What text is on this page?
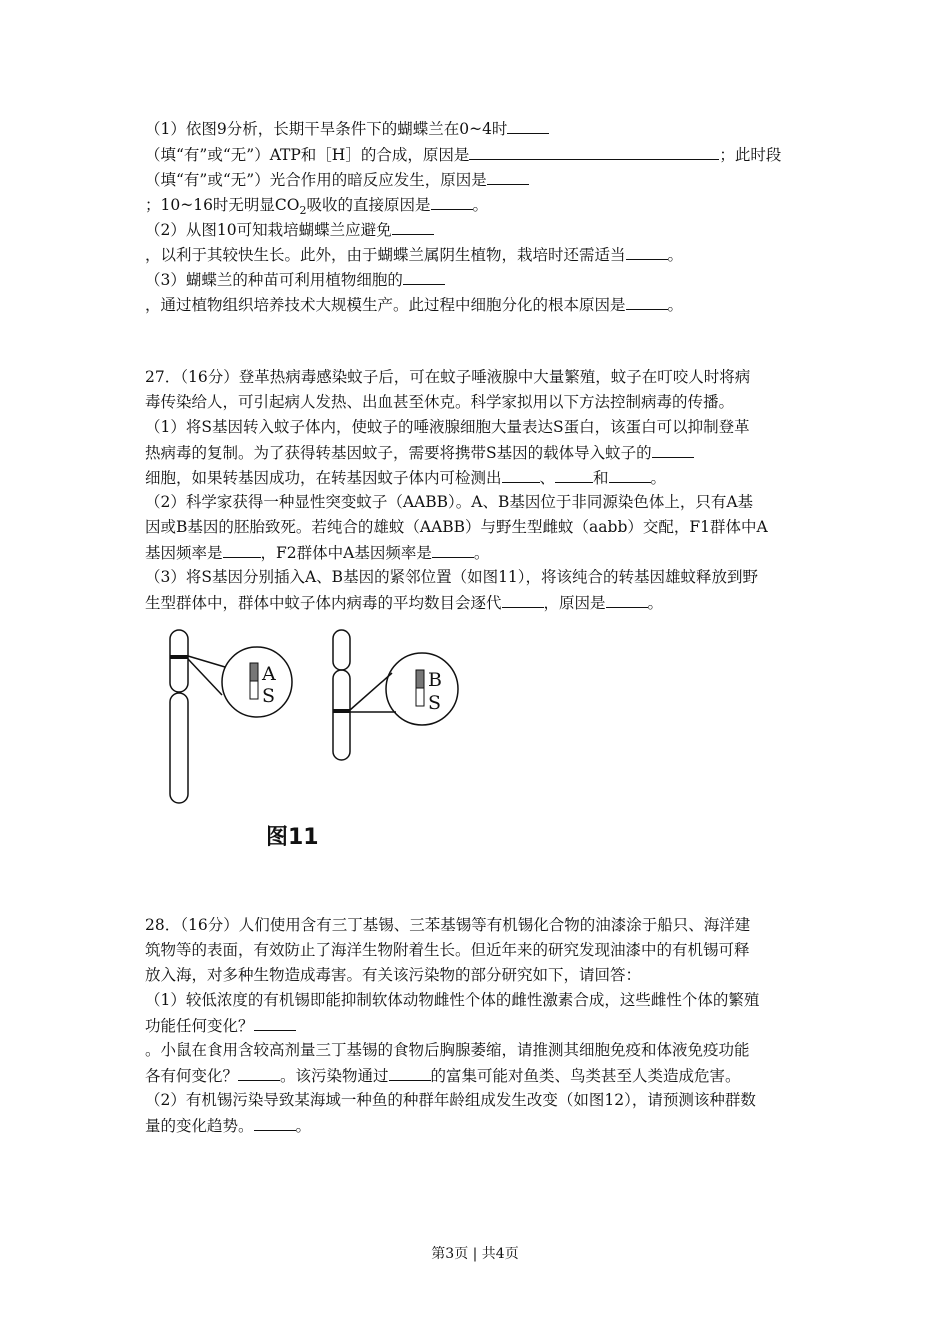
（1）依图9分析，长期干旱条件下的蝴蝶兰在0~4时
（填“有”或“无”）ATP和［H］的合成，原因是	；此时段
（填“有”或“无”）光合作用的暗反应发生，原因是
；10~16时无明显$CO_2$吸收的直接原因是	。
（2）从图10可知栽培蝴蝶兰应避免
，以利于其较快生长。此外，由于蝴蝶兰属阴生植物，栽培时还需适当	。
（3）蝴蝶兰的种苗可利用植物细胞的
，通过植物组织培养技术大规模生产。此过程中细胞分化的根本原因是	。
27．（16分）登革热病毒感染蚊子后，可在蚊子唾液腺中大量繁殖，蚊子在叮咬人时将病
毒传染给人，可引起病人发热、出血甚至休克。科学家拟用以下方法控制病毒的传播。
（1）将S基因转入蚊子体内，使蚊子的唾液腺细胞大量表达S蛋白，该蛋白可以抑制登革
热病毒的复制。为了获得转基因蚊子，需要将携带S基因的载体导入蚊子的
细胞，如果转基因成功，在转基因蚊子体内可检测出 、 和	。
（2）科学家获得一种显性突变蚊子（AABB）。A、B基因位于非同源染色体上，只有A基
因或B基因的胚胎致死。若纯合的雄蚊（AABB）与野生型雌蚊（aabb）交配，F1群体中A
基因频率是 ，F2群体中A基因频率是	。
（3）将S基因分别插入A、B基因的紧邻位置（如图11），将该纯合的转基因雄蚊释放到野
生型群体中，群体中蚊子体内病毒的平均数目会逐代	，原因是	。
A
S
B
S
图11
28．（16分）人们使用含有三丁基锡、三苯基锡等有机锡化合物的油漆涂于船只、海洋建
筑物等的表面，有效防止了海洋生物附着生长。但近年来的研究发现油漆中的有机锡可释
放入海，对多种生物造成毒害。有关该污染物的部分研究如下，请回答：
（1）较低浓度的有机锡即能抑制软体动物雌性个体的雌性激素合成，这些雌性个体的繁殖
功能任何变化？
。小鼠在食用含较高剂量三丁基锡的食物后胸腺萎缩，请推测其细胞免疫和体液免疫功能
各有何变化？	。该污染物通过	的富集可能对鱼类、鸟类甚至人类造成危害。
（2）有机锡污染导致某海域一种鱼的种群年龄组成发生改变（如图12），请预测该种群数
量的变化趋势。	。
第3页 | 共4页
